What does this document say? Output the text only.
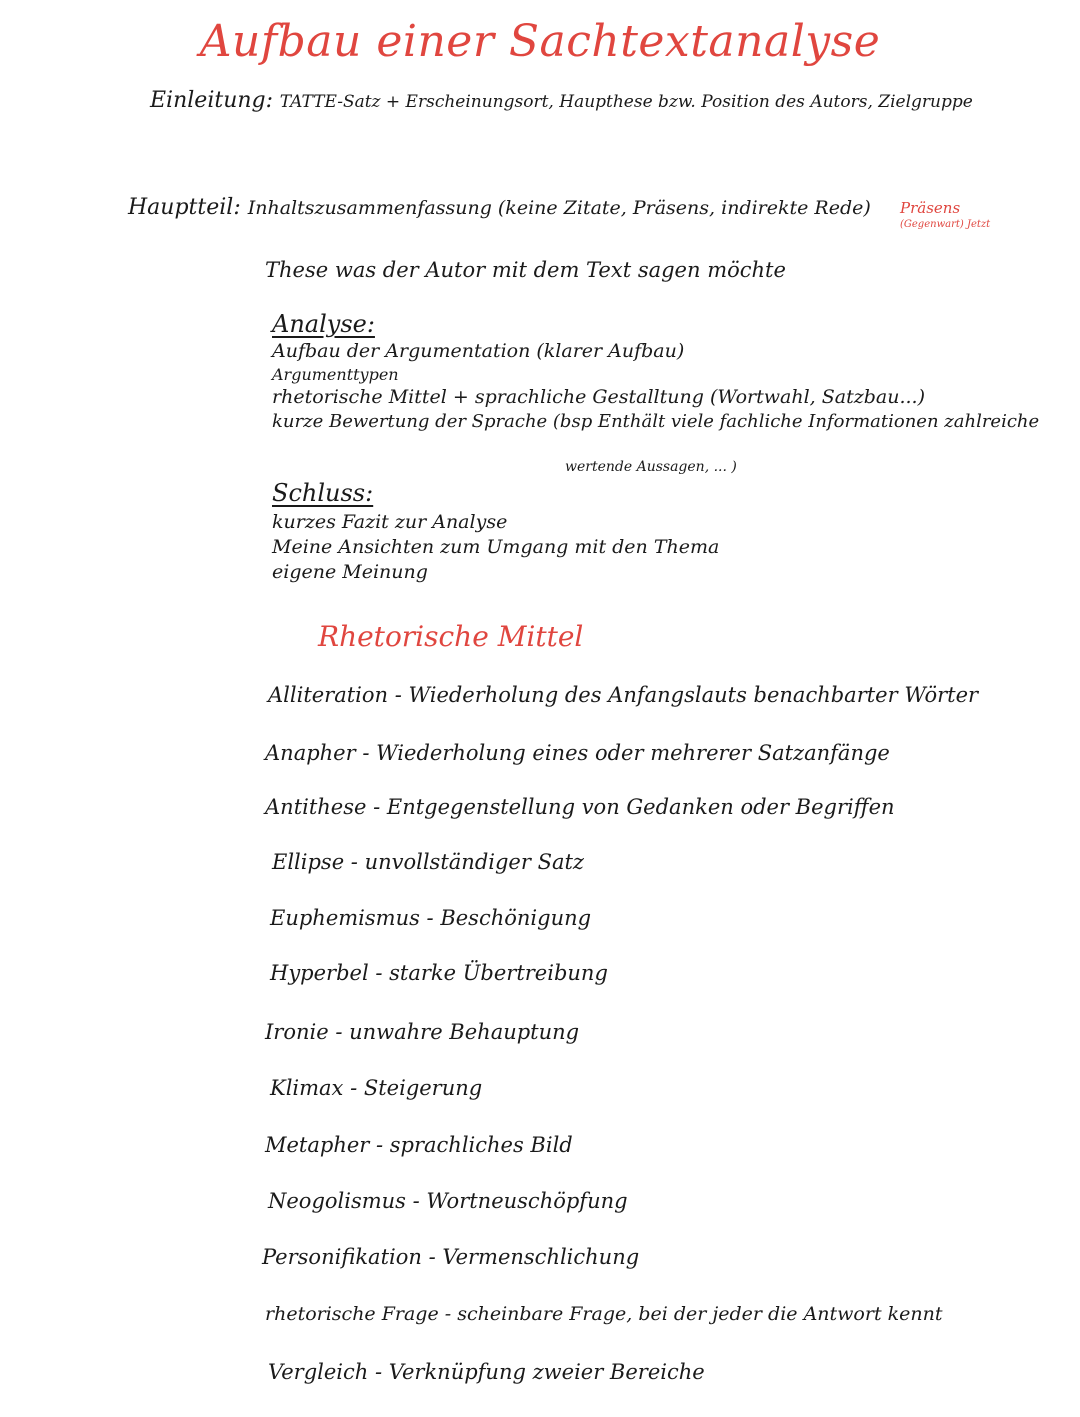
Aufbau einer Sachtextanalyse
Einleitung: TATTE-Satz + Erscheinungsort, Haupthese bzw. Position des Autors, Zielgruppe
Hauptteil: Inhaltszusammenfassung (keine Zitate, Präsens, indirekte Rede) Präsens
(Gegenwart) Jetzt
These was der Autor mit dem Text sagen möchte
Analyse:
Aufbau der Argumentation (klarer Aufbau)
Argumenttypen
rhetorische Mittel + sprachliche Gestalltung (Wortwahl, Satzbau...)
kurze Bewertung der Sprache (bsp Enthält viele fachliche Informationen zahlreiche
wertende Aussagen, ... )
Schluss:
kurzes Fazit zur Analyse
Meine Ansichten zum Umgang mit den Thema
eigene Meinung
Rhetorische Mittel
Alliteration - Wiederholung des Anfangslauts benachbarter Wörter
Anapher - Wiederholung eines oder mehrerer Satzanfänge
Antithese - Entgegenstellung von Gedanken oder Begriffen
Ellipse - unvollständiger Satz
Euphemismus - Beschönigung
Hyperbel - starke Übertreibung
Ironie - unwahre Behauptung
Klimax - Steigerung
Metapher - sprachliches Bild
Neogolismus - Wortneuschöpfung
Personifikation - Vermenschlichung
rhetorische Frage - scheinbare Frage, bei der jeder die Antwort kennt
Vergleich - Verknüpfung zweier Bereiche
